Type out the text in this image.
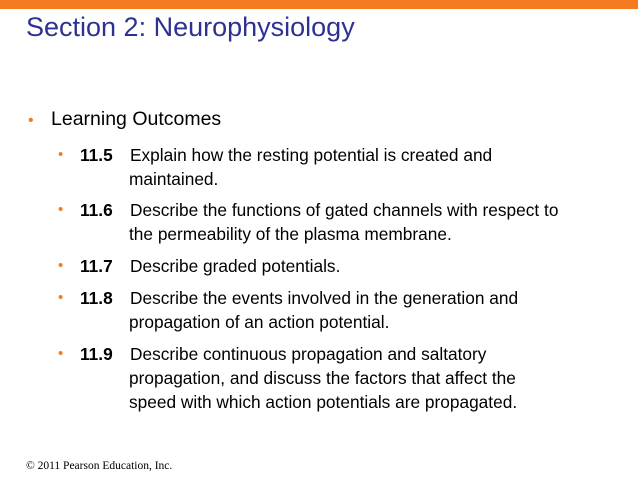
Section 2: Neurophysiology
• Learning Outcomes
• 11.5	Explain how the resting potential is created and
maintained.
• 11.6	Describe the functions of gated channels with respect to
the permeability of the plasma membrane.
• 11.7	Describe graded potentials.
• 11.8	Describe the events involved in the generation and
propagation of an action potential.
• 11.9	Describe continuous propagation and saltatory
propagation, and discuss the factors that affect the
speed with which action potentials are propagated.
© 2011 Pearson Education, Inc.
